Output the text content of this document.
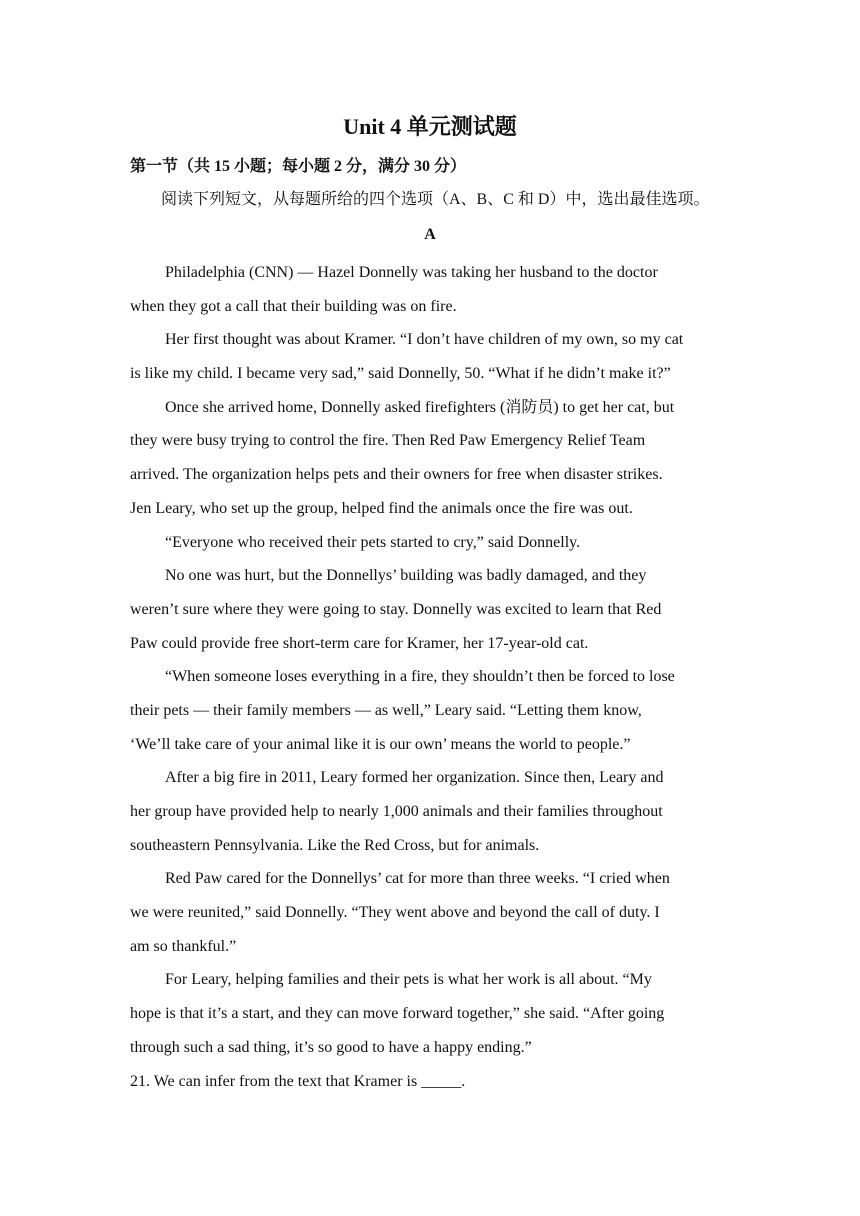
Unit 4 单元测试题

第一节（共 15 小题；每小题 2 分，满分 30 分）

阅读下列短文，从每题所给的四个选项（A、B、C 和 D）中，选出最佳选项。

A

Philadelphia (CNN) — Hazel Donnelly was taking her husband to the doctor

when they got a call that their building was on fire.

Her first thought was about Kramer. “I don’t have children of my own, so my cat

is like my child. I became very sad,” said Donnelly, 50. “What if he didn’t make it?”

Once she arrived home, Donnelly asked firefighters (消防员) to get her cat, but

they were busy trying to control the fire. Then Red Paw Emergency Relief Team

arrived. The organization helps pets and their owners for free when disaster strikes.

Jen Leary, who set up the group, helped find the animals once the fire was out.

“Everyone who received their pets started to cry,” said Donnelly.

No one was hurt, but the Donnellys’ building was badly damaged, and they

weren’t sure where they were going to stay. Donnelly was excited to learn that Red

Paw could provide free short-term care for Kramer, her 17-year-old cat.

“When someone loses everything in a fire, they shouldn’t then be forced to lose

their pets — their family members — as well,” Leary said. “Letting them know,

‘We’ll take care of your animal like it is our own’ means the world to people.”

After a big fire in 2011, Leary formed her organization. Since then, Leary and

her group have provided help to nearly 1,000 animals and their families throughout

southeastern Pennsylvania. Like the Red Cross, but for animals.

Red Paw cared for the Donnellys’ cat for more than three weeks. “I cried when

we were reunited,” said Donnelly. “They went above and beyond the call of duty. I

am so thankful.”

For Leary, helping families and their pets is what her work is all about. “My

hope is that it’s a start, and they can move forward together,” she said. “After going

through such a sad thing, it’s so good to have a happy ending.”

21. We can infer from the text that Kramer is _____.
